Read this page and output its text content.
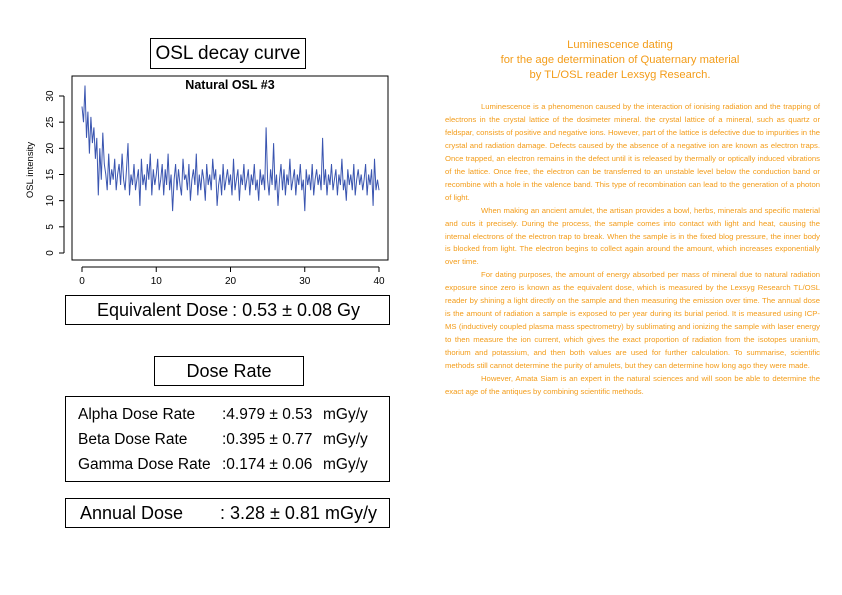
OSL decay curve
Natural OSL #3
0
5
10
15
20
25
30
OSL intensity
0	10	20	30	40
Equivalent Dose : 0.53 ± 0.08 Gy
Dose Rate
Alpha Dose Rate :4.979 ± 0.53 mGy/y
Beta Dose Rate :0.395 ± 0.77 mGy/y
Gamma Dose Rate :0.174 ± 0.06 mGy/y
Annual Dose : 3.28 ± 0.81 mGy/y
Luminescence dating
for the age determination of Quaternary material
by TL/OSL reader Lexsyg Research.

Luminescence is a phenomenon caused by the interaction of ionising radiation and the trapping of electrons in the crystal lattice of the dosimeter mineral. the crystal lattice of a mineral, such as quartz or feldspar, consists of positive and negative ions. However, part of the lattice is defective due to impurities in the crystal and radiation damage. Defects caused by the absence of a negative ion are known as electron traps. Once trapped, an electron remains in the defect until it is released by thermally or optically induced vibrations of the lattice. Once free, the electron can be transferred to an unstable level below the conduction band or recombine with a hole in the valence band. This type of recombination can lead to the generation of a photon of light.

When making an ancient amulet, the artisan provides a bowl, herbs, minerals and specific material and cuts it precisely. During the process, the sample comes into contact with light and heat, causing the internal electrons of the electron trap to break. When the sample is in the fixed blog pressure, the inner body is blocked from light. The electron begins to collect again around the amount, which increases exponentially over time.

For dating purposes, the amount of energy absorbed per mass of mineral due to natural radiation exposure since zero is known as the equivalent dose, which is measured by the Lexsyg Research TL/OSL reader by shining a light directly on the sample and then measuring the emission over time. The annual dose is the amount of radiation a sample is exposed to per year during its burial period. It is measured using ICP-MS (inductively coupled plasma mass spectrometry) by sublimating and ionizing the sample with laser energy to then measure the ion current, which gives the exact proportion of radiation from the isotopes uranium, thorium and potassium, and then both values are used for further calculation. To summarise, scientific methods still cannot determine the purity of amulets, but they can determine how long ago they were made.

However, Amata Siam is an expert in the natural sciences and will soon be able to determine the exact age of the antiques by combining scientific methods.
